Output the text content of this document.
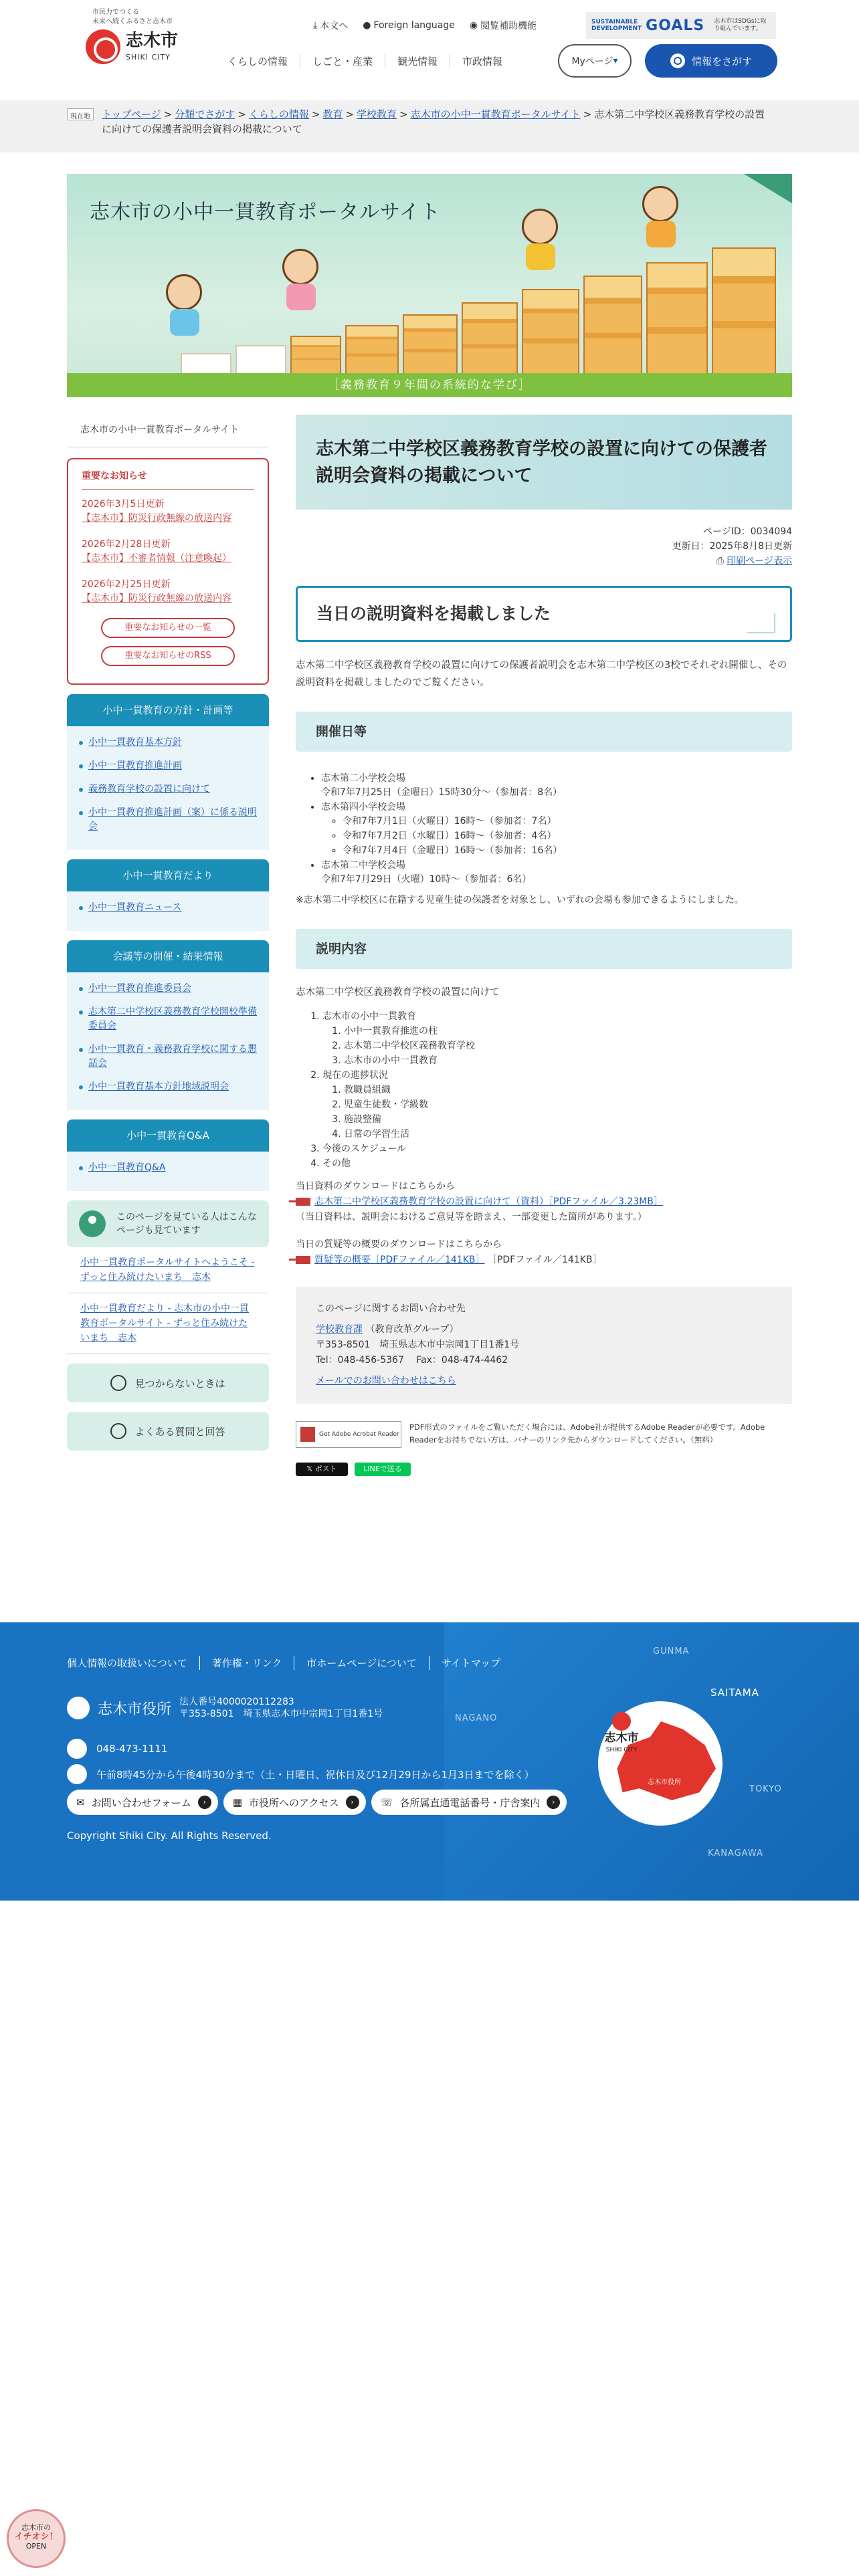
市民力でつくる
未来へ続くふるさと志木市
志木市
SHIKI CITY
⤓ 本文へ ● Foreign language ◉ 閲覧補助機能	SUSTAINABLE
DEVELOPMENT GOALS 志木市はSDGsに取り組んでいます。
くらしの情報	しごと・産業	観光情報	市政情報	Myページ ▾	情報をさがす
現在地	トップページ > 分類でさがす > くらしの情報 > 教育 > 学校教育 > 志木市の小中一貫教育ポータルサイト > 志木第二中学校区義務教育学校の設置に向けての保護者説明会資料の掲載について
志木市の小中一貫教育ポータルサイト
［義務教育９年間の系統的な学び］
志木市の小中一貫教育ポータルサイト
重要なお知らせ
2026年3月5日更新
【志木市】防災行政無線の放送内容
2026年2月28日更新
【志木市】不審者情報（注意喚起）
2026年2月25日更新
【志木市】防災行政無線の放送内容
重要なお知らせの一覧
重要なお知らせのRSS
小中一貫教育の方針・計画等
小中一貫教育基本方針
小中一貫教育推進計画
義務教育学校の設置に向けて
小中一貫教育推進計画（案）に係る説明会
小中一貫教育だより
小中一貫教育ニュース
会議等の開催・結果情報
小中一貫教育推進委員会
志木第二中学校区義務教育学校開校準備委員会
小中一貫教育・義務教育学校に関する懇話会
小中一貫教育基本方針地域説明会
小中一貫教育Q&A
小中一貫教育Q&A
このページを見ている人はこんなページも見ています
小中一貫教育ポータルサイトへようこそ - ずっと住み続けたいまち　志木
小中一貫教育だより - 志木市の小中一貫教育ポータルサイト - ずっと住み続けたいまち　志木
見つからないときは
よくある質問と回答
志木第二中学校区義務教育学校の設置に向けての保護者説明会資料の掲載について
ページID：0034094
更新日：2025年8月8日更新
⎙ 印刷ページ表示
当日の説明資料を掲載しました

志木第二中学校区義務教育学校の設置に向けての保護者説明会を志木第二中学校区の3校でそれぞれ開催し、その説明資料を掲載しましたのでご覧ください。

開催日等
• 志木第二小学校会場
令和7年7月25日（金曜日）15時30分～（参加者：8名）
• 志木第四小学校会場
◦ 令和7年7月1日（火曜日）16時～（参加者：7名）
◦ 令和7年7月2日（水曜日）16時～（参加者：4名）
◦ 令和7年7月4日（金曜日）16時～（参加者：16名）
• 志木第二中学校会場
令和7年7月29日（火曜）10時～（参加者：6名）

※志木第二中学校区に在籍する児童生徒の保護者を対象とし、いずれの会場も参加できるようにしました。

説明内容

志木第二中学校区義務教育学校の設置に向けて

1. 志木市の小中一貫教育
1. 小中一貫教育推進の柱
2. 志木第二中学校区義務教育学校
3. 志木市の小中一貫教育
2. 現在の進捗状況
1. 教職員組織
2. 児童生徒数・学級数
3. 施設整備
4. 日常の学習生活
3. 今後のスケジュール
4. その他
当日資料のダウンロードはこちらから
志木第二中学校区義務教育学校の設置に向けて（資料）［PDFファイル／3.23MB］
（当日資料は、説明会におけるご意見等を踏まえ、一部変更した箇所があります。）
当日の質疑等の概要のダウンロードはこちらから
質疑等の概要［PDFファイル／141KB］ ［PDFファイル／141KB］
このページに関するお問い合わせ先
学校教育課 （教育改革グループ）
〒353-8501　埼玉県志木市中宗岡1丁目1番1号
Tel：048-456-5367　 Fax：048-474-4462
メールでのお問い合わせはこちら
Get Adobe Acrobat Reader
PDF形式のファイルをご覧いただく場合には、Adobe社が提供するAdobe Readerが必要です。Adobe Readerをお持ちでない方は、バナーのリンク先からダウンロードしてください。（無料）
𝕏 ポスト	LINEで送る
GUNMA
SAITAMA
NAGANO
TOKYO
KANAGAWA
志木市
SHIKI CITY
志木市役所
個人情報の取扱いについて	著作権・リンク	市ホームページについて	サイトマップ
志木市役所 法人番号4000020112283
〒353-8501　埼玉県志木市中宗岡1丁目1番1号
048-473-1111
午前8時45分から午後4時30分まで（土・日曜日、祝休日及び12月29日から1月3日までを除く）
✉ お問い合わせフォーム	›	▦ 市役所へのアクセス	›	☏ 各所属直通電話番号・庁舎案内	›
Copyright Shiki City. All Rights Reserved.
志木市の
イチオシ！
OPEN
